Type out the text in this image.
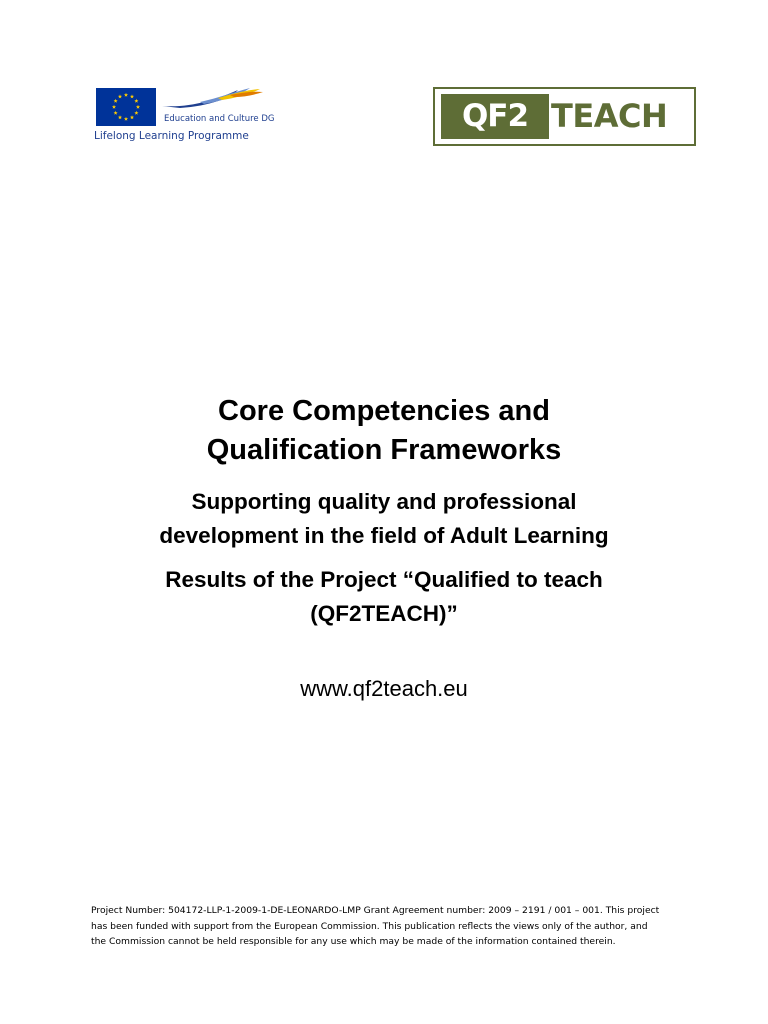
Education and Culture DG
Lifelong Learning Programme
QF2 TEACH
Core Competencies and
Qualification Frameworks
Supporting quality and professional
development in the field of Adult Learning
Results of the Project “Qualified to teach
(QF2TEACH)”

www.qf2teach.eu

Project Number: 504172-LLP-1-2009-1-DE-LEONARDO-LMP Grant Agreement number: 2009 – 2191 / 001 – 001. This project
has been funded with support from the European Commission. This publication reflects the views only of the author, and
the Commission cannot be held responsible for any use which may be made of the information contained therein.
